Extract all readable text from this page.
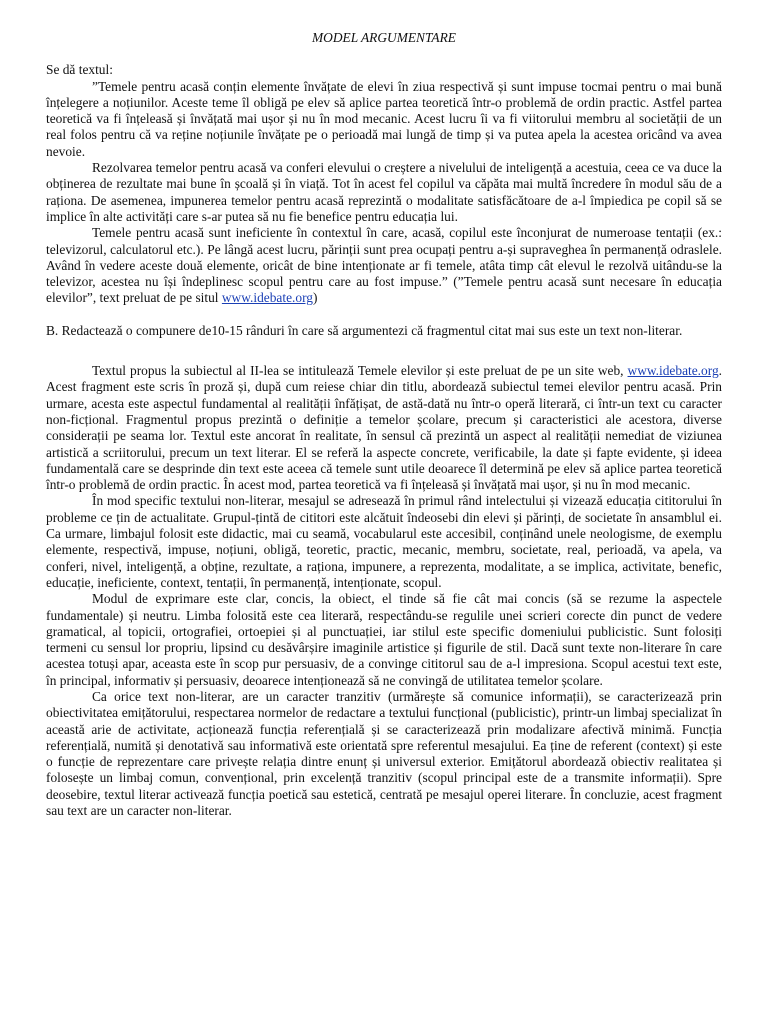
MODEL ARGUMENTARE

Se dă textul:

”Temele pentru acasă conțin elemente învățate de elevi în ziua respectivă și sunt impuse tocmai pentru o mai bună înțelegere a noțiunilor. Aceste teme îl obligă pe elev să aplice partea teoretică într-o problemă de ordin practic. Astfel partea teoretică va fi înțeleasă și învățată mai ușor și nu în mod mecanic. Acest lucru îi va fi viitorului membru al societății de un real folos pentru că va reține noțiunile învățate pe o perioadă mai lungă de timp și va putea apela la acestea oricând va avea nevoie.

Rezolvarea temelor pentru acasă va conferi elevului o creștere a nivelului de inteligență a acestuia, ceea ce va duce la obținerea de rezultate mai bune în școală și în viață. Tot în acest fel copilul va căpăta mai multă încredere în modul său de a raționa. De asemenea, impunerea temelor pentru acasă reprezintă o modalitate satisfăcătoare de a-l împiedica pe copil să se implice în alte activități care s-ar putea să nu fie benefice pentru educația lui.

Temele pentru acasă sunt ineficiente în contextul în care, acasă, copilul este înconjurat de numeroase tentații (ex.: televizorul, calculatorul etc.). Pe lângă acest lucru, părinții sunt prea ocupați pentru a-și supraveghea în permanență odraslele. Având în vedere aceste două elemente, oricât de bine intenționate ar fi temele, atâta timp cât elevul le rezolvă uitându-se la televizor, acestea nu își îndeplinesc scopul pentru care au fost impuse.” (”Temele pentru acasă sunt necesare în educația elevilor”, text preluat de pe situl www.idebate.org)

B. Redactează o compunere de10-15 rânduri în care să argumentezi că fragmentul citat mai sus este un text non-literar.

Textul propus la subiectul al II-lea se intitulează Temele elevilor și este preluat de pe un site web, www.idebate.org. Acest fragment este scris în proză și, după cum reiese chiar din titlu, abordează subiectul temei elevilor pentru acasă. Prin urmare, acesta este aspectul fundamental al realității înfățișat, de astă-dată nu într-o operă literară, ci într-un text cu caracter non-ficțional. Fragmentul propus prezintă o definiție a temelor școlare, precum și caracteristici ale acestora, diverse considerații pe seama lor. Textul este ancorat în realitate, în sensul că prezintă un aspect al realității nemediat de viziunea artistică a scriitorului, precum un text literar. El se referă la aspecte concrete, verificabile, la date și fapte evidente, și ideea fundamentală care se desprinde din text este aceea că temele sunt utile deoarece îl determină pe elev să aplice partea teoretică într-o problemă de ordin practic. În acest mod, partea teoretică va fi înțeleasă și învățată mai ușor, și nu în mod mecanic.

În mod specific textului non-literar, mesajul se adresează în primul rând intelectului și vizează educația cititorului în probleme ce țin de actualitate. Grupul-țintă de cititori este alcătuit îndeosebi din elevi și părinți, de societate în ansamblul ei. Ca urmare, limbajul folosit este didactic, mai cu seamă, vocabularul este accesibil, conținând unele neologisme, de exemplu elemente, respectivă, impuse, noțiuni, obligă, teoretic, practic, mecanic, membru, societate, real, perioadă, va apela, va conferi, nivel, inteligență, a obține, rezultate, a raționa, impunere, a reprezenta, modalitate, a se implica, activitate, benefic, educație, ineficiente, context, tentații, în permanență, intenționate, scopul.

Modul de exprimare este clar, concis, la obiect, el tinde să fie cât mai concis (să se rezume la aspectele fundamentale) și neutru. Limba folosită este cea literară, respectându-se regulile unei scrieri corecte din punct de vedere gramatical, al topicii, ortografiei, ortoepiei și al punctuației, iar stilul este specific domeniului publicistic. Sunt folosiți termeni cu sensul lor propriu, lipsind cu desăvârșire imaginile artistice și figurile de stil. Dacă sunt texte non-literare în care acestea totuși apar, aceasta este în scop pur persuasiv, de a convinge cititorul sau de a-l impresiona. Scopul acestui text este, în principal, informativ și persuasiv, deoarece intenționează să ne convingă de utilitatea temelor școlare.

Ca orice text non-literar, are un caracter tranzitiv (urmărește să comunice informații), se caracterizează prin obiectivitatea emițătorului, respectarea normelor de redactare a textului funcțional (publicistic), printr-un limbaj specializat în această arie de activitate, acționează funcția referențială și se caracterizează prin modalizare afectivă minimă. Funcția referențială, numită și denotativă sau informativă este orientată spre referentul mesajului. Ea ține de referent (context) și este o funcție de reprezentare care privește relația dintre enunț și universul exterior. Emițătorul abordează obiectiv realitatea și folosește un limbaj comun, convențional, prin excelență tranzitiv (scopul principal este de a transmite informații). Spre deosebire, textul literar activează funcția poetică sau estetică, centrată pe mesajul operei literare. În concluzie, acest fragment sau text are un caracter non-literar.
